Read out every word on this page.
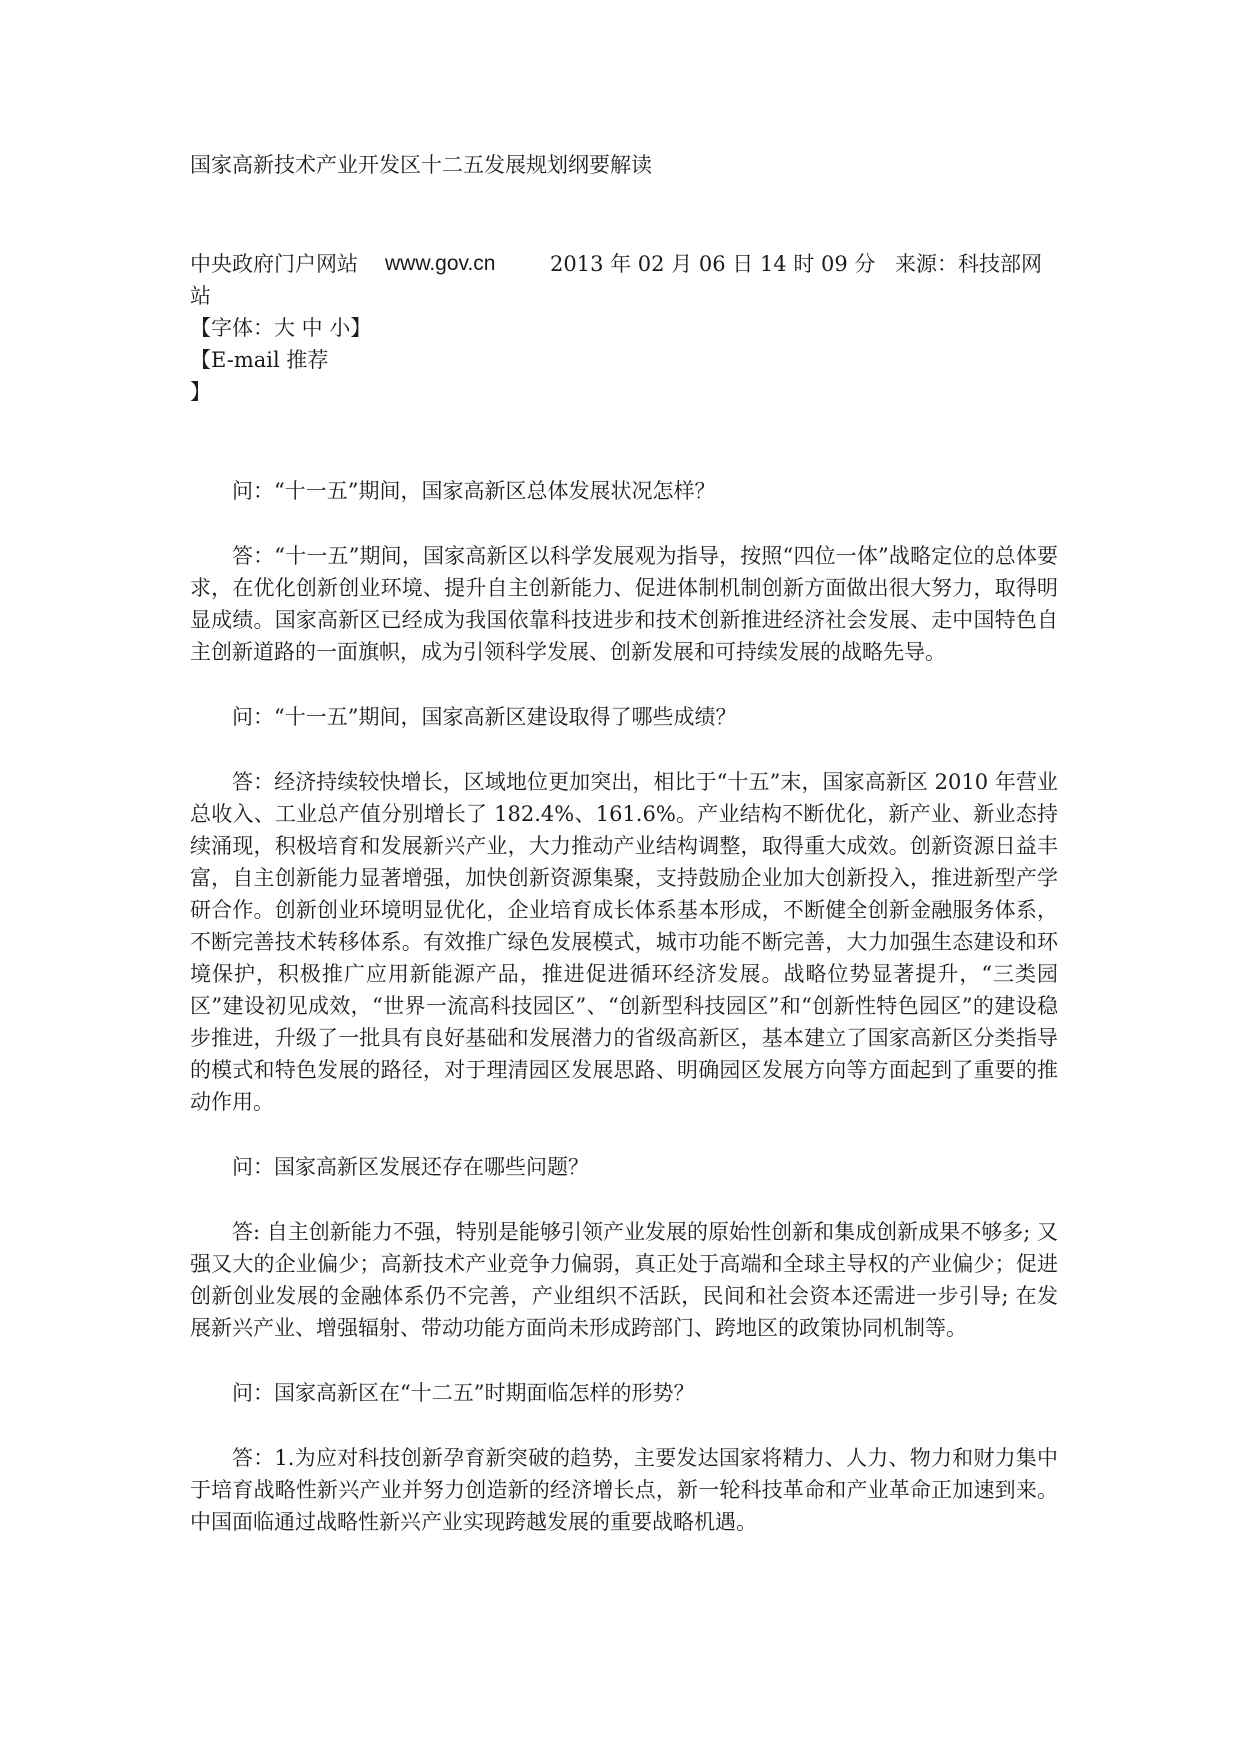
国家高新技术产业开发区十二五发展规划纲要解读
中央政府门户网站	www.gov.cn	2013 年 02 月 06 日 14 时 09 分 来源：科技部网
站
【字体：大 中 小】
【E-mail 推荐
】

问：“十一五”期间，国家高新区总体发展状况怎样？

答：“十一五”期间，国家高新区以科学发展观为指导，按照“四位一体”战略定位的总体要求，在优化创新创业环境、提升自主创新能力、促进体制机制创新方面做出很大努力，取得明显成绩。国家高新区已经成为我国依靠科技进步和技术创新推进经济社会发展、走中国特色自主创新道路的一面旗帜，成为引领科学发展、创新发展和可持续发展的战略先导。

问：“十一五”期间，国家高新区建设取得了哪些成绩？

答：经济持续较快增长，区域地位更加突出，相比于“十五”末，国家高新区 2010 年营业总收入、工业总产值分别增长了 182.4%、161.6%。产业结构不断优化，新产业、新业态持续涌现，积极培育和发展新兴产业，大力推动产业结构调整，取得重大成效。创新资源日益丰富，自主创新能力显著增强，加快创新资源集聚，支持鼓励企业加大创新投入，推进新型产学研合作。创新创业环境明显优化，企业培育成长体系基本形成，不断健全创新金融服务体系，不断完善技术转移体系。有效推广绿色发展模式，城市功能不断完善，大力加强生态建设和环境保护，积极推广应用新能源产品，推进促进循环经济发展。战略位势显著提升，“三类园区”建设初见成效，“世界一流高科技园区”、“创新型科技园区”和“创新性特色园区”的建设稳步推进，升级了一批具有良好基础和发展潜力的省级高新区，基本建立了国家高新区分类指导的模式和特色发展的路径，对于理清园区发展思路、明确园区发展方向等方面起到了重要的推动作用。

问：国家高新区发展还存在哪些问题？

答: 自主创新能力不强，特别是能够引领产业发展的原始性创新和集成创新成果不够多; 又强又大的企业偏少；高新技术产业竞争力偏弱，真正处于高端和全球主导权的产业偏少；促进创新创业发展的金融体系仍不完善，产业组织不活跃，民间和社会资本还需进一步引导; 在发展新兴产业、增强辐射、带动功能方面尚未形成跨部门、跨地区的政策协同机制等。

问：国家高新区在“十二五”时期面临怎样的形势？

答：1.为应对科技创新孕育新突破的趋势，主要发达国家将精力、人力、物力和财力集中于培育战略性新兴产业并努力创造新的经济增长点，新一轮科技革命和产业革命正加速到来。中国面临通过战略性新兴产业实现跨越发展的重要战略机遇。
